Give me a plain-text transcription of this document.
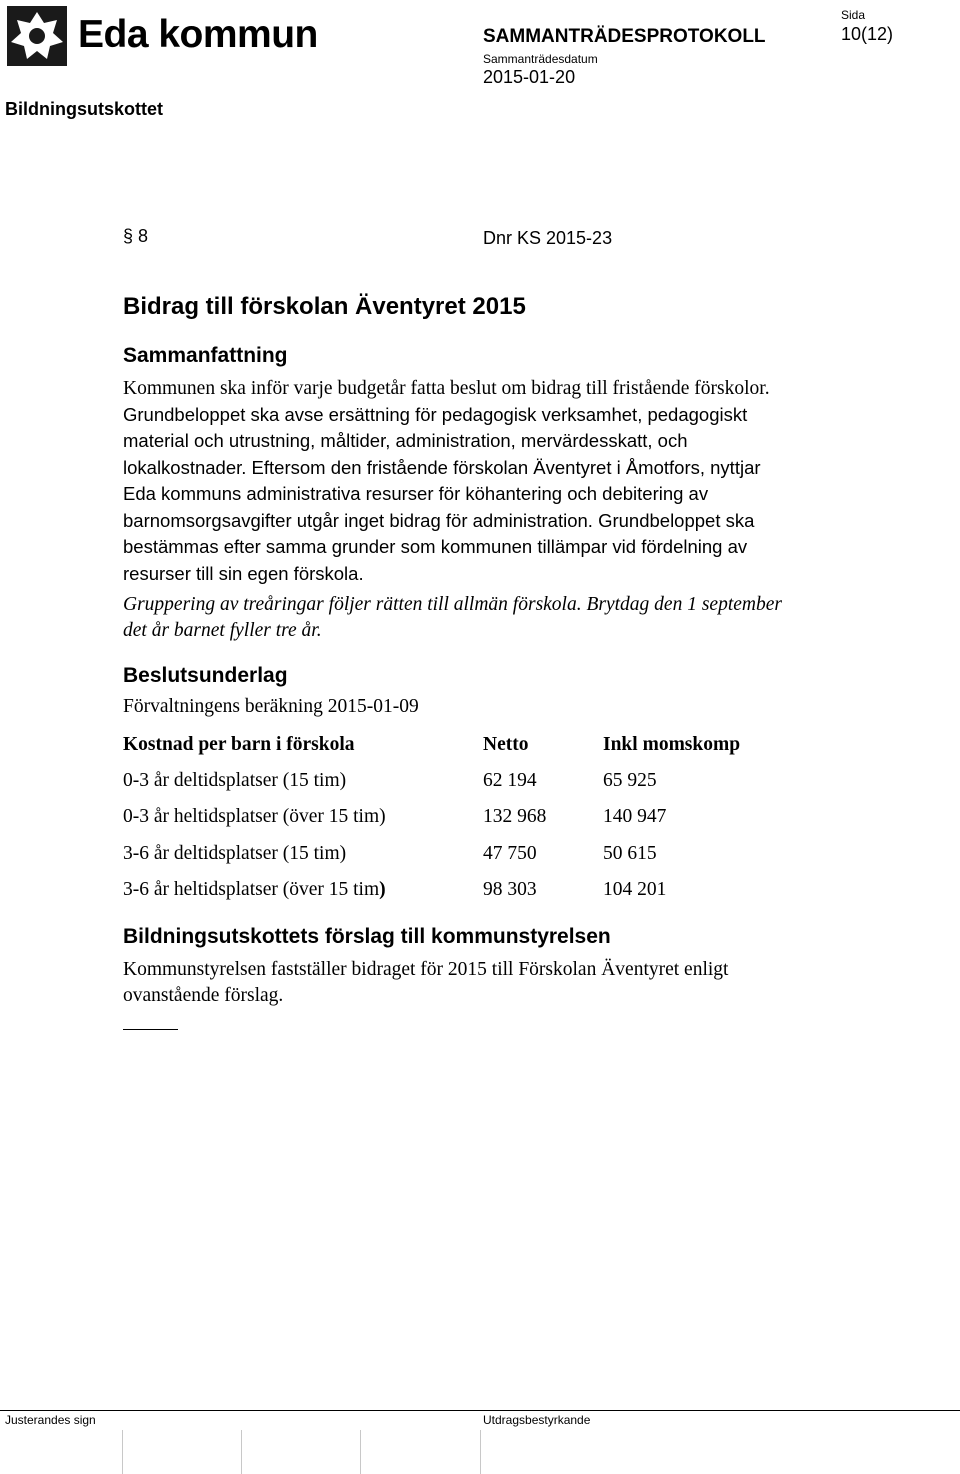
Eda kommun	SAMMANTRÄDESPROTOKOLL
Sammanträdesdatum
2015-01-20
Sida
10(12)
Bildningsutskottet
§ 8	Dnr KS 2015-23
Bidrag till förskolan Äventyret 2015
Sammanfattning
Kommunen ska inför varje budgetår fatta beslut om bidrag till fristående förskolor. Grundbeloppet ska avse ersättning för pedagogisk verksamhet, pedagogiskt material och utrustning, måltider, administration, mervärdesskatt, och lokalkostnader. Eftersom den fristående förskolan Äventyret i Åmotfors, nyttjar Eda kommuns administrativa resurser för köhantering och debitering av barnomsorgsavgifter utgår inget bidrag för administration. Grundbeloppet ska bestämmas efter samma grunder som kommunen tillämpar vid fördelning av resurser till sin egen förskola.
Gruppering av treåringar följer rätten till allmän förskola. Brytdag den 1 september det år barnet fyller tre år.
Beslutsunderlag
Förvaltningens beräkning 2015-01-09
Kostnad per barn i förskola	Netto	Inkl momskomp
0-3 år deltidsplatser (15 tim)	62 194	65 925
0-3 år heltidsplatser (över 15 tim)	132 968	140 947
3-6 år deltidsplatser (15 tim)	47 750	50 615
3-6 år heltidsplatser (över 15 tim)	98 303	104 201
Bildningsutskottets förslag till kommunstyrelsen
Kommunstyrelsen fastställer bidraget för 2015 till Förskolan Äventyret enligt ovanstående förslag.
Justerandes sign	Utdragsbestyrkande
